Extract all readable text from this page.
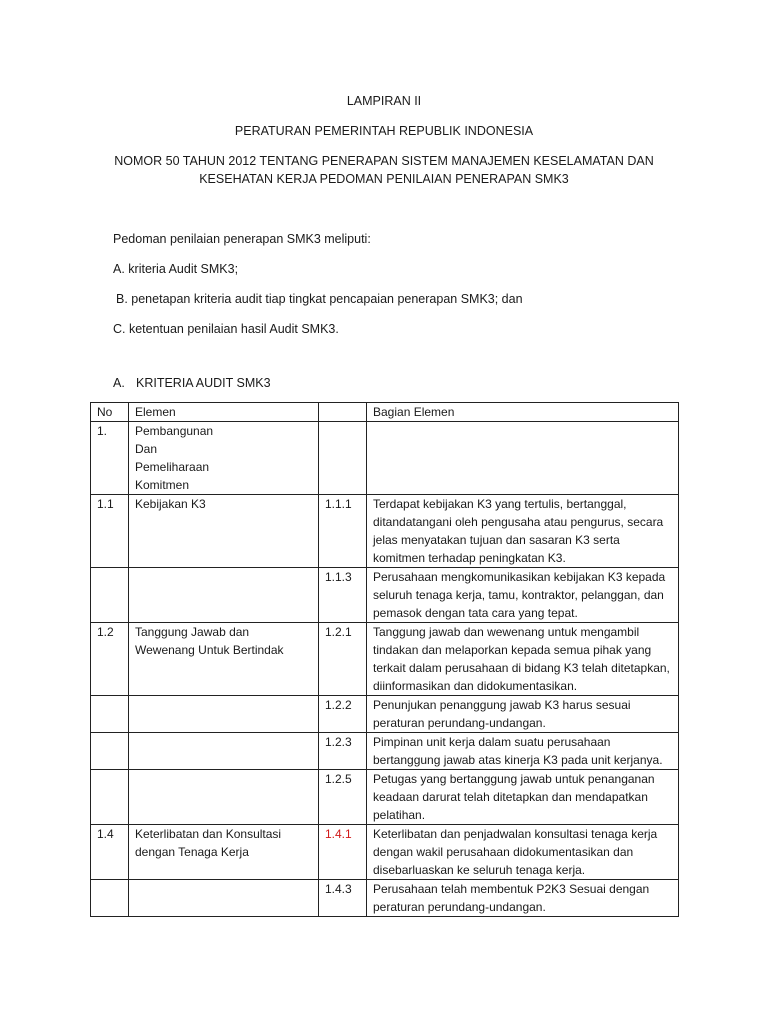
LAMPIRAN II
PERATURAN PEMERINTAH REPUBLIK INDONESIA
NOMOR 50 TAHUN 2012 TENTANG PENERAPAN SISTEM MANAJEMEN KESELAMATAN DAN
KESEHATAN KERJA PEDOMAN PENILAIAN PENERAPAN SMK3
Pedoman penilaian penerapan SMK3 meliputi:
A. kriteria Audit SMK3;
B. penetapan kriteria audit tiap tingkat pencapaian penerapan SMK3; dan
C. ketentuan penilaian hasil Audit SMK3.
A. KRITERIA AUDIT SMK3
No	Elemen		Bagian Elemen
1.	Pembangunan Dan Pemeliharaan Komitmen		

1.1	Kebijakan K3	1.1.1	Terdapat kebijakan K3 yang tertulis, bertanggal, ditandatangani oleh pengusaha atau pengurus, secara jelas menyatakan tujuan dan sasaran K3 serta komitmen terhadap peningkatan K3.
		1.1.3	Perusahaan mengkomunikasikan kebijakan K3 kepada seluruh tenaga kerja, tamu, kontraktor, pelanggan, dan pemasok dengan tata cara yang tepat.
1.2	Tanggung Jawab dan Wewenang Untuk Bertindak	1.2.1	Tanggung jawab dan wewenang untuk mengambil tindakan dan melaporkan kepada semua pihak yang terkait dalam perusahaan di bidang K3 telah ditetapkan, diinformasikan dan didokumentasikan.
		1.2.2	Penunjukan penanggung jawab K3 harus sesuai peraturan perundang-undangan.
		1.2.3	Pimpinan unit kerja dalam suatu perusahaan bertanggung jawab atas kinerja K3 pada unit kerjanya.
		1.2.5	Petugas yang bertanggung jawab untuk penanganan keadaan darurat telah ditetapkan dan mendapatkan pelatihan.
1.4	Keterlibatan dan Konsultasi dengan Tenaga Kerja	1.4.1	Keterlibatan dan penjadwalan konsultasi tenaga kerja dengan wakil perusahaan didokumentasikan dan disebarluaskan ke seluruh tenaga kerja.
		1.4.3	Perusahaan telah membentuk P2K3 Sesuai dengan peraturan perundang-undangan.
